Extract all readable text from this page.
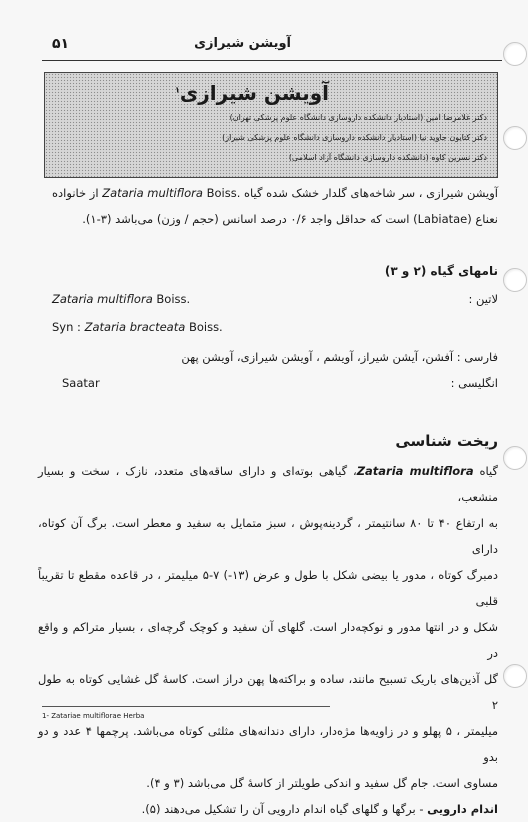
آویشن شیرازی
۵۱
آویشن شیرازی$^۱$
دکتر غلامرضا امین (استادیار دانشکده داروسازی دانشگاه علوم پزشکی تهران)
دکتر کتایون جاوید نیا (استادیار دانشکده داروسازی دانشگاه علوم پزشکی شیراز)
دکتر نسرین کاوه (دانشکده داروسازی دانشگاه آزاد اسلامی)
آویشن شیرازی ، سر شاخه‌های گلدار خشک شده گیاه Zataria multiflora Boiss. از خانواده
نعناع (Labiatae) است که حداقل واجد ۰/۶ درصد اسانس (حجم / وزن) می‌باشد (۳-۱).
نامهای گیاه (۲ و ۳)
لاتین :
Zataria multiflora Boiss.
Syn : Zataria bracteata Boiss.
فارسی : آفشن، آیشن شیراز، آویشم ، آویشن شیرازی، آویشن پهن
انگلیسی :
Saatar
ریخت شناسی
گیاه Zataria multiflora، گیاهی بوته‌ای و دارای ساقه‌های متعدد، نازک ، سخت و بسیار منشعب،
به ارتفاع ۴۰ تا ۸۰ سانتیمتر ، گردینه‌پوش ، سبز متمایل به سفید و معطر است. برگ آن کوتاه، دارای
دمبرگ کوتاه ، مدور یا بیضی شکل با طول و عرض (۱۳-) ۷-۵ میلیمتر ، در قاعده مقطع تا تقریباً قلبی
شکل و در انتها مدور و نوکچه‌دار است. گلهای آن سفید و کوچک گرچه‌ای ، بسیار متراکم و واقع در
گل آذین‌های باریک تسبیح مانند، ساده و براکته‌ها پهن دراز است. کاسهٔ گل غشایی کوتاه به طول ۲
میلیمتر ، ۵ پهلو و در زاویه‌ها مژه‌دار، دارای دندانه‌های مثلثی کوتاه می‌باشد. پرچمها ۴ عدد و دو بدو
مساوی است. جام گل سفید و اندکی طویلتر از کاسهٔ گل می‌باشد (۳ و ۴).
اندام دارویی - برگها و گلهای گیاه اندام دارویی آن را تشکیل می‌دهند (۵).
1- Zatariae multiflorae Herba
